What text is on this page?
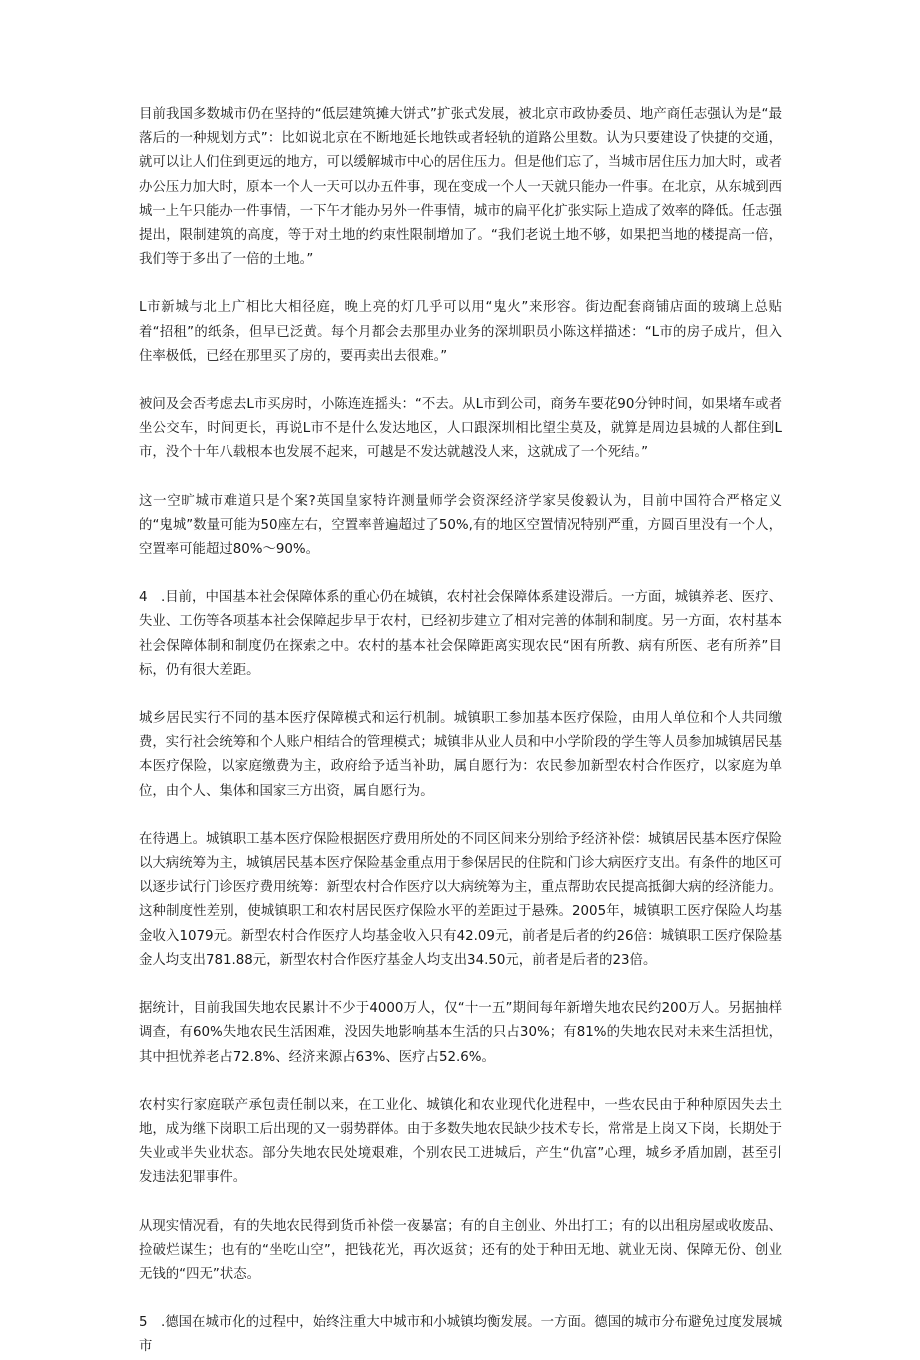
目前我国多数城市仍在坚持的“低层建筑摊大饼式”扩张式发展，被北京市政协委员、地产商任志强认为是“最落后的一种规划方式”：比如说北京在不断地延长地铁或者轻轨的道路公里数。认为只要建设了快捷的交通，就可以让人们住到更远的地方，可以缓解城市中心的居住压力。但是他们忘了，当城市居住压力加大时，或者办公压力加大时，原本一个人一天可以办五件事，现在变成一个人一天就只能办一件事。在北京，从东城到西城一上午只能办一件事情，一下午才能办另外一件事情，城市的扁平化扩张实际上造成了效率的降低。任志强提出，限制建筑的高度，等于对土地的约束性限制增加了。“我们老说土地不够，如果把当地的楼提高一倍，我们等于多出了一倍的土地。”

L市新城与北上广相比大相径庭，晚上亮的灯几乎可以用“鬼火”来形容。街边配套商铺店面的玻璃上总贴着“招租”的纸条，但早已泛黄。每个月都会去那里办业务的深圳职员小陈这样描述：“L市的房子成片，但入住率极低，已经在那里买了房的，要再卖出去很难。”

被问及会否考虑去L市买房时，小陈连连摇头：“不去。从L市到公司，商务车要花90分钟时间，如果堵车或者坐公交车，时间更长，再说L市不是什么发达地区，人口跟深圳相比望尘莫及，就算是周边县城的人都住到L市，没个十年八载根本也发展不起来，可越是不发达就越没人来，这就成了一个死结。”

这一空旷城市难道只是个案?英国皇家特许测量师学会资深经济学家吴俊毅认为，目前中国符合严格定义的“鬼城”数量可能为50座左右，空置率普遍超过了50%,有的地区空置情况特别严重，方圆百里没有一个人，空置率可能超过80%〜90%。

4　.目前，中国基本社会保障体系的重心仍在城镇，农村社会保障体系建设滞后。一方面，城镇养老、医疗、失业、工伤等各项基本社会保障起步早于农村，已经初步建立了相对完善的体制和制度。另一方面，农村基本社会保障体制和制度仍在探索之中。农村的基本社会保障距离实现农民“困有所教、病有所医、老有所养”目标，仍有很大差距。

城乡居民实行不同的基本医疗保障模式和运行机制。城镇职工参加基本医疗保险，由用人单位和个人共同缴费，实行社会统筹和个人账户相结合的管理模式；城镇非从业人员和中小学阶段的学生等人员参加城镇居民基本医疗保险，以家庭缴费为主，政府给予适当补助，属自愿行为：农民参加新型农村合作医疗，以家庭为单位，由个人、集体和国家三方出资，属自愿行为。

在待遇上。城镇职工基本医疗保险根据医疗费用所处的不同区间来分别给予经济补偿：城镇居民基本医疗保险以大病统筹为主，城镇居民基本医疗保险基金重点用于参保居民的住院和门诊大病医疗支出。有条件的地区可以逐步试行门诊医疗费用统筹：新型农村合作医疗以大病统筹为主，重点帮助农民提高抵御大病的经济能力。这种制度性差别，使城镇职工和农村居民医疗保险水平的差距过于悬殊。2005年，城镇职工医疗保险人均基金收入1079元。新型农村合作医疗人均基金收入只有42.09元，前者是后者的约26倍：城镇职工医疗保险基金人均支出781.88元，新型农村合作医疗基金人均支出34.50元，前者是后者的23倍。

据统计，目前我国失地农民累计不少于4000万人，仅“十一五”期间每年新增失地农民约200万人。另据抽样调查，有60%失地农民生活困难，没因失地影响基本生活的只占30%；有81%的失地农民对未来生活担忧，其中担忧养老占72.8%、经济来源占63%、医疗占52.6%。

农村实行家庭联产承包责任制以来，在工业化、城镇化和农业现代化进程中，一些农民由于种种原因失去土地，成为继下岗职工后出现的又一弱势群体。由于多数失地农民缺少技术专长，常常是上岗又下岗，长期处于失业或半失业状态。部分失地农民处境艰难，个别农民工进城后，产生“仇富”心理，城乡矛盾加剧，甚至引发违法犯罪事件。

从现实情况看，有的失地农民得到货币补偿一夜暴富；有的自主创业、外出打工；有的以出租房屋或收废品、捡破烂谋生；也有的“坐吃山空”，把钱花光，再次返贫；还有的处于种田无地、就业无岗、保障无份、创业无钱的“四无”状态。

5　.德国在城市化的过程中，始终注重大中城市和小城镇均衡发展。一方面。德国的城市分布避免过度发展城市
